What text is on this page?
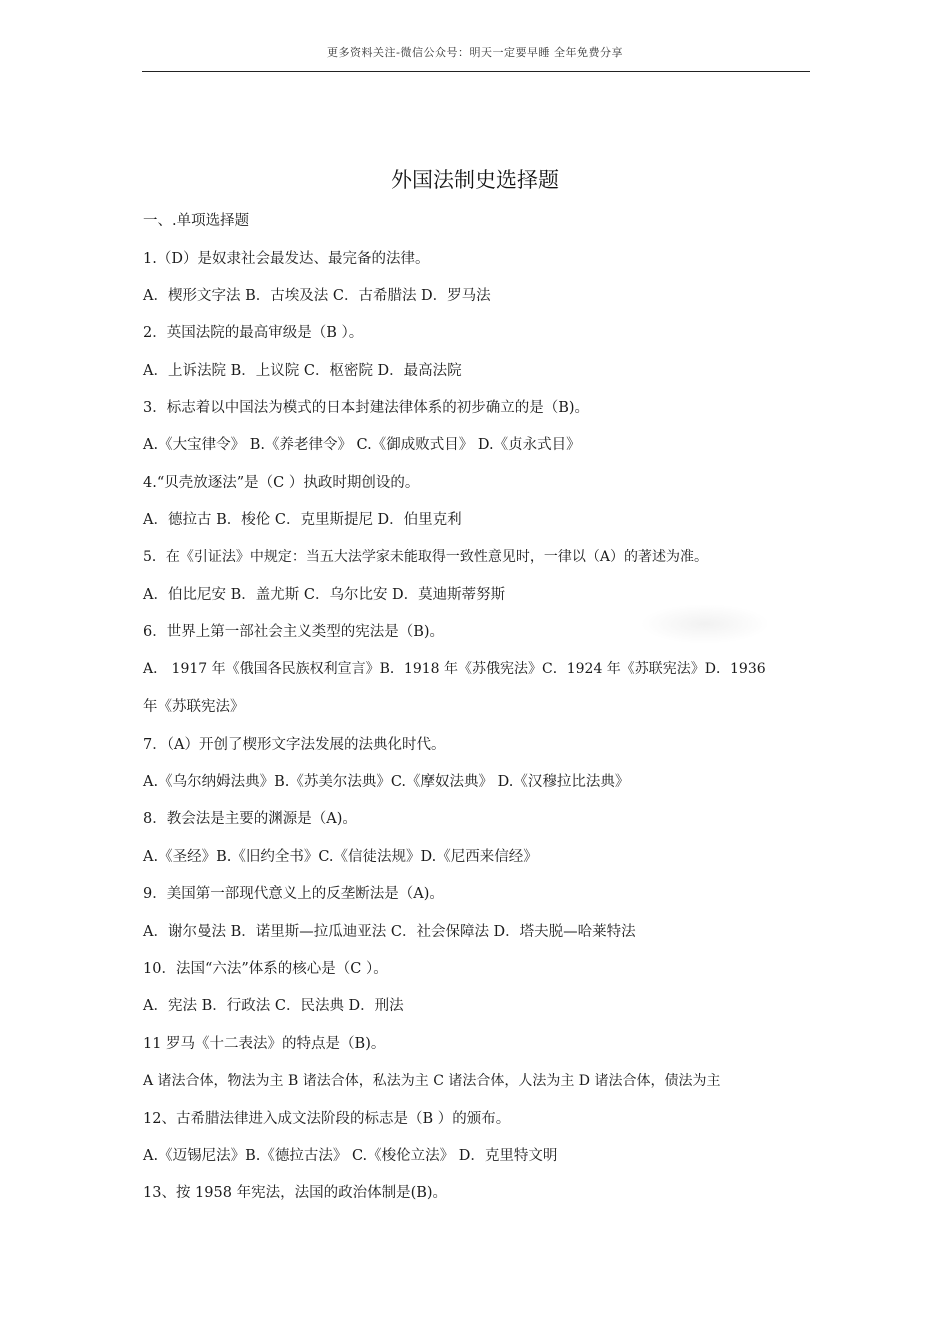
更多资料关注-微信公众号：明天一定要早睡 全年免费分享
外国法制史选择题
一、.单项选择题
1.（D）是奴隶社会最发达、最完备的法律。
A．楔形文字法 B．古埃及法 C．古希腊法 D．罗马法
2．英国法院的最高审级是（B ）。
A．上诉法院 B．上议院 C．枢密院 D．最高法院
3．标志着以中国法为模式的日本封建法律体系的初步确立的是（B)。
A.《大宝律令》 B.《养老律令》 C.《御成败式目》 D.《贞永式目》
4.“贝壳放逐法”是（C ）执政时期创设的。
A．德拉古 B．梭伦 C．克里斯提尼 D．伯里克利
5．在《引证法》中规定：当五大法学家未能取得一致性意见时，一律以（A）的著述为准。
A．伯比尼安 B．盖尤斯 C．乌尔比安 D．莫迪斯蒂努斯
6．世界上第一部社会主义类型的宪法是（B)。
A． 1917 年《俄国各民族权利宣言》B．1918 年《苏俄宪法》C．1924 年《苏联宪法》D．1936
年《苏联宪法》
7．（A）开创了楔形文字法发展的法典化时代。
A.《乌尔纳姆法典》B.《苏美尔法典》C.《摩奴法典》 D.《汉穆拉比法典》
8．教会法是主要的渊源是（A)。
A.《圣经》B.《旧约全书》C.《信徒法规》D.《尼西来信经》
9．美国第一部现代意义上的反垄断法是（A)。
A．谢尔曼法 B．诺里斯—拉瓜迪亚法 C．社会保障法 D．塔夫脱—哈莱特法
10．法国“六法”体系的核心是（C ）。
A．宪法 B．行政法 C．民法典 D．刑法
11 罗马《十二表法》的特点是（B)。
A 诸法合体，物法为主 B 诸法合体，私法为主 C 诸法合体，人法为主 D 诸法合体，债法为主
12、古希腊法律进入成文法阶段的标志是（B ）的颁布。
A.《迈锡尼法》B.《德拉古法》 C.《梭伦立法》 D．克里特文明
13、按 1958 年宪法，法国的政治体制是(B)。
